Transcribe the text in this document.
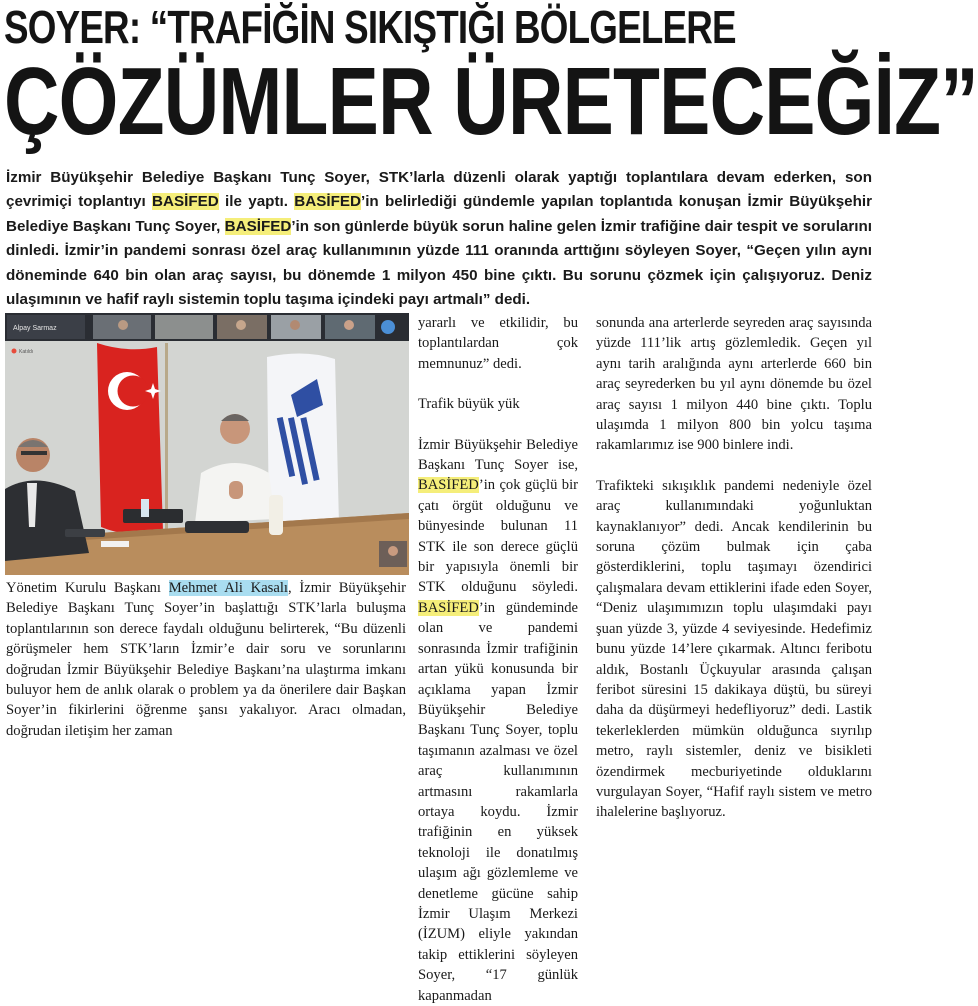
SOYER: “TRAFİĞİN SIKIŞTIĞI BÖLGELERE
ÇÖZÜMLER ÜRETECEĞİZ”
İzmir Büyükşehir Belediye Başkanı Tunç Soyer, STK’larla düzenli olarak yaptığı toplantılara devam ederken, son çevrimiçi toplantıyı BASİFED ile yaptı. BASİFED’in belirlediği gündemle yapılan toplantıda konuşan İzmir Büyükşehir Belediye Başkanı Tunç Soyer, BASİFED’in son günlerde büyük sorun haline gelen İzmir trafiğine dair tespit ve sorularını dinledi. İzmir’in pandemi sonrası özel araç kullanımının yüzde 111 oranında arttığını söyleyen Soyer, “Geçen yılın aynı döneminde 640 bin olan araç sayısı, bu dönemde 1 milyon 450 bine çıktı. Bu sorunu çözmek için çalışıyoruz. Deniz ulaşımının ve hafif raylı sistemin toplu taşıma içindeki payı artmalı” dedi.
Alpay Sarmaz
Katıldı
Yönetim Kurulu Başkanı Mehmet Ali Kasalı, İzmir Büyükşehir Belediye Başkanı Tunç Soyer’in başlattığı STK’larla buluşma toplantılarının son derece faydalı olduğunu belirterek, “Bu düzenli görüşmeler hem STK’ların İzmir’e dair soru ve sorunlarını doğrudan İzmir Büyükşehir Belediye Başkanı’na ulaştırma imkanı buluyor hem de anlık olarak o problem ya da önerilere dair Başkan Soyer’in fikirlerini öğrenme şansı yakalıyor. Aracı olmadan, doğrudan iletişim her zaman

yararlı ve etkilidir, bu toplantılardan çok memnunuz” dedi.

Trafik büyük yük

İzmir Büyükşehir Belediye Başkanı Tunç Soyer ise, BASİFED’in çok güçlü bir çatı örgüt olduğunu ve bünyesinde bulunan 11 STK ile son derece güçlü bir yapısıyla önemli bir STK olduğunu söyledi. BASİFED’in gündeminde olan ve pandemi sonrasında İzmir trafiğinin artan yükü konusunda bir açıklama yapan İzmir Büyükşehir Belediye Başkanı Tunç Soyer, toplu taşımanın azalması ve özel araç kullanımının artmasını rakamlarla ortaya koydu. İzmir trafiğinin en yüksek teknoloji ile donatılmış ulaşım ağı gözlemleme ve denetleme gücüne sahip İzmir Ulaşım Merkezi (İZUM) eliyle yakından takip ettiklerini söyleyen Soyer, “17 günlük kapanmadan

sonunda ana arterlerde seyreden araç sayısında yüzde 111’lik artış gözlemledik. Geçen yıl aynı tarih aralığında aynı arterlerde 660 bin araç seyrederken bu yıl aynı dönemde bu özel araç sayısı 1 milyon 440 bine çıktı. Toplu ulaşımda 1 milyon 800 bin yolcu taşıma rakamlarımız ise 900 binlere indi.

Trafikteki sıkışıklık pandemi nedeniyle özel araç kullanımındaki yoğunluktan kaynaklanıyor” dedi. Ancak kendilerinin bu soruna çözüm bulmak için çaba gösterdiklerini, toplu taşımayı özendirici çalışmalara devam ettiklerini ifade eden Soyer, “Deniz ulaşımımızın toplu ulaşımdaki payı şuan yüzde 3, yüzde 4 seviyesinde. Hedefimiz bunu yüzde 14’lere çıkarmak. Altıncı feribotu aldık, Bostanlı Üçkuyular arasında çalışan feribot süresini 15 dakikaya düştü, bu süreyi daha da düşürmeyi hedefliyoruz” dedi. Lastik tekerleklerden mümkün olduğunca sıyrılıp metro, raylı sistemler, deniz ve bisikleti özendirmek mecburiyetinde olduklarını vurgulayan Soyer, “Hafif raylı sistem ve metro ihalelerine başlıyoruz.
